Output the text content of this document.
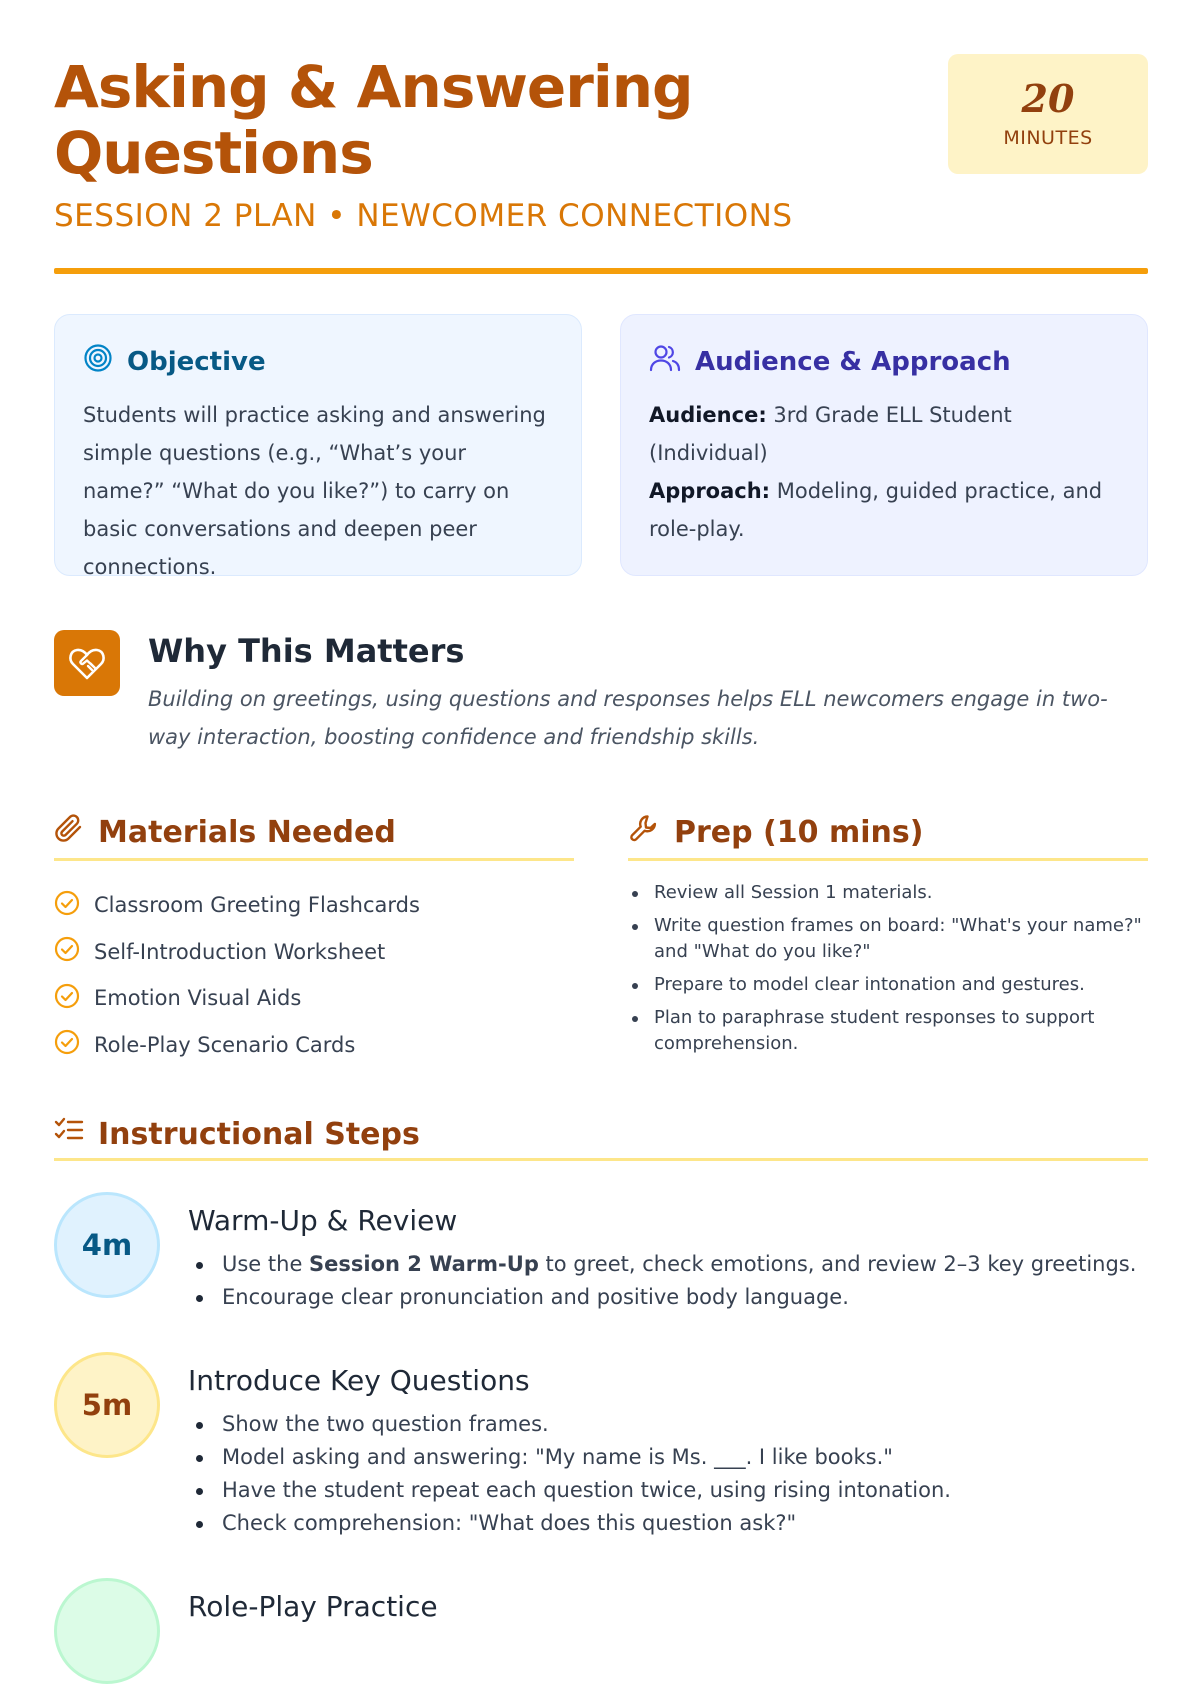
Asking & Answering Questions
SESSION 2 PLAN • NEWCOMER CONNECTIONS
20
MINUTES
Objective

Students will practice asking and answering simple questions (e.g., “What’s your name?” “What do you like?”) to carry on basic conversations and deepen peer connections.

Audience & Approach

Audience: 3rd Grade ELL Student (Individual)

Approach: Modeling, guided practice, and role-play.

Why This Matters
Building on greetings, using questions and responses helps ELL newcomers engage in two-way interaction, boosting confidence and friendship skills.
Materials Needed
Classroom Greeting Flashcards
Self-Introduction Worksheet
Emotion Visual Aids
Role-Play Scenario Cards
Prep (10 mins)
Review all Session 1 materials.
Write question frames on board: "What's your name?" and "What do you like?"
Prepare to model clear intonation and gestures.
Plan to paraphrase student responses to support comprehension.
Instructional Steps
4m
Warm-Up & Review
Use the Session 2 Warm-Up to greet, check emotions, and review 2–3 key greetings.
Encourage clear pronunciation and positive body language.
5m
Introduce Key Questions
Show the two question frames.
Model asking and answering: "My name is Ms. ___. I like books."
Have the student repeat each question twice, using rising intonation.
Check comprehension: "What does this question ask?"
Role-Play Practice
